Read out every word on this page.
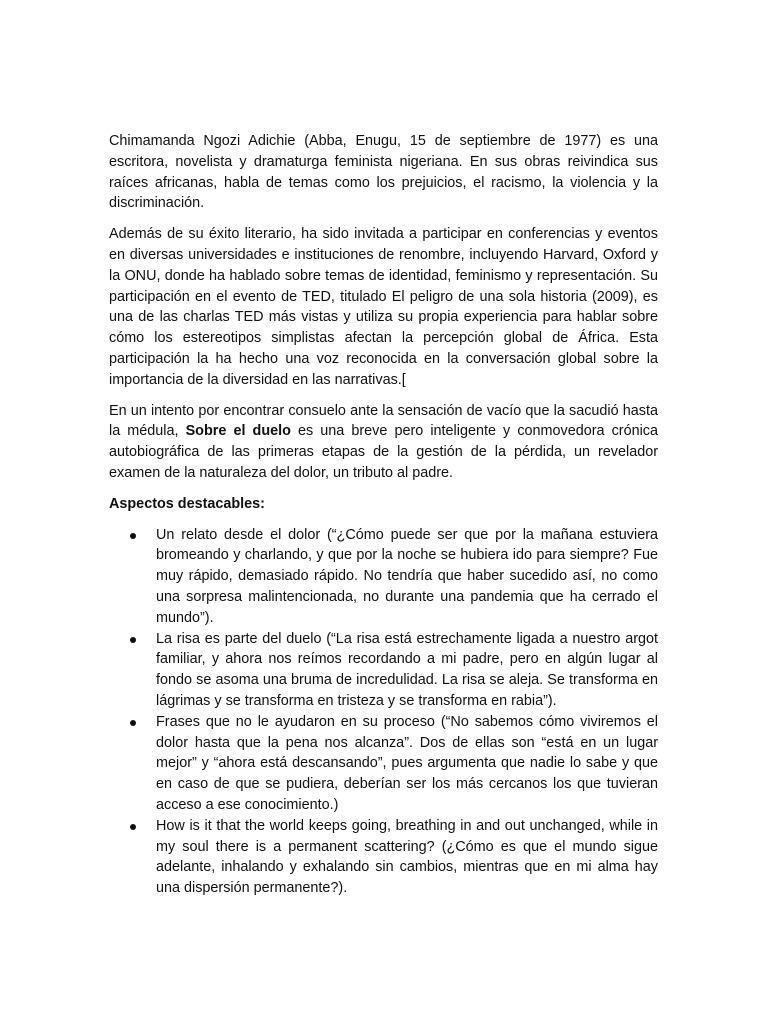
Chimamanda Ngozi Adichie (Abba, Enugu, 15 de septiembre de 1977) es una escritora, novelista y dramaturga feminista nigeriana. En sus obras reivindica sus raíces africanas, habla de temas como los prejuicios, el racismo, la violencia y la discriminación.

Además de su éxito literario, ha sido invitada a participar en conferencias y eventos en diversas universidades e instituciones de renombre, incluyendo Harvard, Oxford y la ONU, donde ha hablado sobre temas de identidad, feminismo y representación. Su participación en el evento de TED, titulado El peligro de una sola historia (2009), es una de las charlas TED más vistas y utiliza su propia experiencia para hablar sobre cómo los estereotipos simplistas afectan la percepción global de África. Esta participación la ha hecho una voz reconocida en la conversación global sobre la importancia de la diversidad en las narrativas.[

En un intento por encontrar consuelo ante la sensación de vacío que la sacudió hasta la médula, Sobre el duelo es una breve pero inteligente y conmovedora crónica autobiográfica de las primeras etapas de la gestión de la pérdida, un revelador examen de la naturaleza del dolor, un tributo al padre.

Aspectos destacables:

Un relato desde el dolor (“¿Cómo puede ser que por la mañana estuviera bromeando y charlando, y que por la noche se hubiera ido para siempre? Fue muy rápido, demasiado rápido. No tendría que haber sucedido así, no como una sorpresa malintencionada, no durante una pandemia que ha cerrado el mundo”).
La risa es parte del duelo (“La risa está estrechamente ligada a nuestro argot familiar, y ahora nos reímos recordando a mi padre, pero en algún lugar al fondo se asoma una bruma de incredulidad. La risa se aleja. Se transforma en lágrimas y se transforma en tristeza y se transforma en rabia”).
Frases que no le ayudaron en su proceso (“No sabemos cómo viviremos el dolor hasta que la pena nos alcanza”. Dos de ellas son “está en un lugar mejor” y “ahora está descansando”, pues argumenta que nadie lo sabe y que en caso de que se pudiera, deberían ser los más cercanos los que tuvieran acceso a ese conocimiento.)
How is it that the world keeps going, breathing in and out unchanged, while in my soul there is a permanent scattering? (¿Cómo es que el mundo sigue adelante, inhalando y exhalando sin cambios, mientras que en mi alma hay una dispersión permanente?).
